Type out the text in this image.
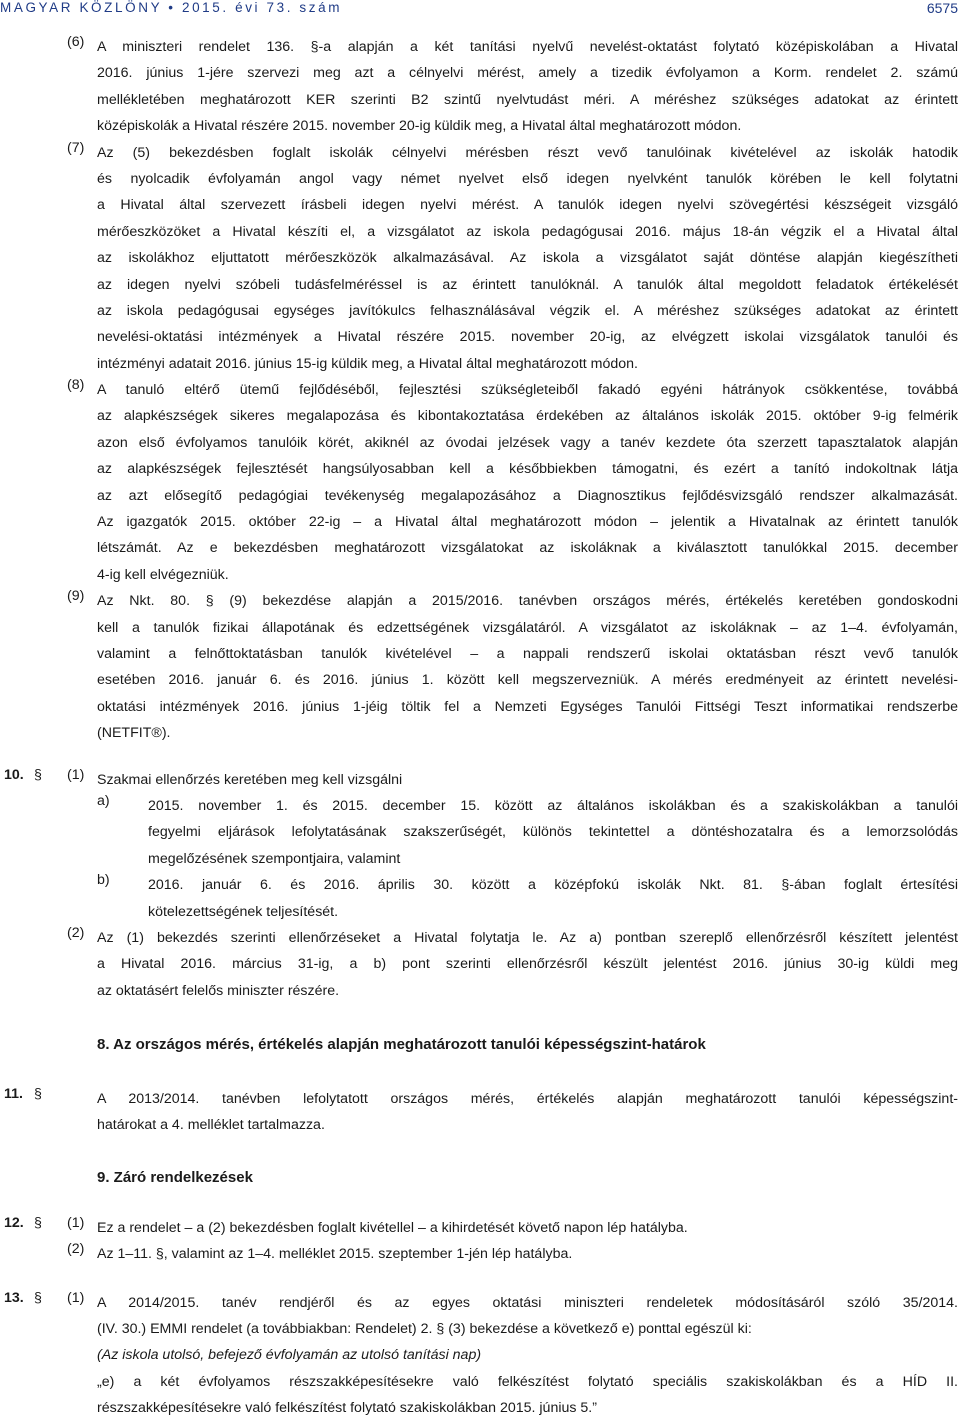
MAGYAR KÖZLÖNY • 2015. évi 73. szám	6575
(6) A miniszteri rendelet 136. §-a alapján a két tanítási nyelvű nevelést-oktatást folytató középiskolában a Hivatal
2016. június 1-jére szervezi meg azt a célnyelvi mérést, amely a tizedik évfolyamon a Korm. rendelet 2. számú
mellékletében meghatározott KER szerinti B2 szintű nyelvtudást méri. A méréshez szükséges adatokat az érintett
középiskolák a Hivatal részére 2015. november 20-ig küldik meg, a Hivatal által meghatározott módon.
(7) Az (5) bekezdésben foglalt iskolák célnyelvi mérésben részt vevő tanulóinak kivételével az iskolák hatodik
és nyolcadik évfolyamán angol vagy német nyelvet első idegen nyelvként tanulók körében le kell folytatni
a Hivatal által szervezett írásbeli idegen nyelvi mérést. A tanulók idegen nyelvi szövegértési készségeit vizsgáló
mérőeszközöket a Hivatal készíti el, a vizsgálatot az iskola pedagógusai 2016. május 18-án végzik el a Hivatal által
az iskolákhoz eljuttatott mérőeszközök alkalmazásával. Az iskola a vizsgálatot saját döntése alapján kiegészítheti
az idegen nyelvi szóbeli tudásfelméréssel is az érintett tanulóknál. A tanulók által megoldott feladatok értékelését
az iskola pedagógusai egységes javítókulcs felhasználásával végzik el. A méréshez szükséges adatokat az érintett
nevelési-oktatási intézmények a Hivatal részére 2015. november 20-ig, az elvégzett iskolai vizsgálatok tanulói és
intézményi adatait 2016. június 15-ig küldik meg, a Hivatal által meghatározott módon.
(8) A tanuló eltérő ütemű fejlődéséből, fejlesztési szükségleteiből fakadó egyéni hátrányok csökkentése, továbbá
az alapkészségek sikeres megalapozása és kibontakoztatása érdekében az általános iskolák 2015. október 9-ig felmérik
azon első évfolyamos tanulóik körét, akiknél az óvodai jelzések vagy a tanév kezdete óta szerzett tapasztalatok alapján
az alapkészségek fejlesztését hangsúlyosabban kell a későbbiekben támogatni, és ezért a tanító indokoltnak látja
az azt elősegítő pedagógiai tevékenység megalapozásához a Diagnosztikus fejlődésvizsgáló rendszer alkalmazását.
Az igazgatók 2015. október 22-ig – a Hivatal által meghatározott módon – jelentik a Hivatalnak az érintett tanulók
létszámát. Az e bekezdésben meghatározott vizsgálatokat az iskoláknak a kiválasztott tanulókkal 2015. december
4-ig kell elvégezniük.
(9) Az Nkt. 80. § (9) bekezdése alapján a 2015/2016. tanévben országos mérés, értékelés keretében gondoskodni
kell a tanulók fizikai állapotának és edzettségének vizsgálatáról. A vizsgálatot az iskoláknak – az 1–4. évfolyamán,
valamint a felnőttoktatásban tanulók kivételével – a nappali rendszerű iskolai oktatásban részt vevő tanulók
esetében 2016. január 6. és 2016. június 1. között kell megszervezniük. A mérés eredményeit az érintett nevelési-
oktatási intézmények 2016. június 1-jéig töltik fel a Nemzeti Egységes Tanulói Fittségi Teszt informatikai rendszerbe
(NETFIT®).
10. § (1) Szakmai ellenőrzés keretében meg kell vizsgálni
a)	2015. november 1. és 2015. december 15. között az általános iskolákban és a szakiskolákban a tanulói
fegyelmi eljárások lefolytatásának szakszerűségét, különös tekintettel a döntéshozatalra és a lemorzsolódás
megelőzésének szempontjaira, valamint
b)	2016. január 6. és 2016. április 30. között a középfokú iskolák Nkt. 81. §-ában foglalt értesítési
kötelezettségének teljesítését.
(2) Az (1) bekezdés szerinti ellenőrzéseket a Hivatal folytatja le. Az a) pontban szereplő ellenőrzésről készített jelentést
a Hivatal 2016. március 31-ig, a b) pont szerinti ellenőrzésről készült jelentést 2016. június 30-ig küldi meg
az oktatásért felelős miniszter részére.
8. Az országos mérés, értékelés alapján meghatározott tanulói képességszint-határok
11. §	A 2013/2014. tanévben lefolytatott országos mérés, értékelés alapján meghatározott tanulói képességszint-
határokat a 4. melléklet tartalmazza.
9. Záró rendelkezések
12. § (1) Ez a rendelet – a (2) bekezdésben foglalt kivétellel – a kihirdetését követő napon lép hatályba.
(2) Az 1–11. §, valamint az 1–4. melléklet 2015. szeptember 1-jén lép hatályba.
13. § (1) A 2014/2015. tanév rendjéről és az egyes oktatási miniszteri rendeletek módosításáról szóló 35/2014.
(IV. 30.) EMMI rendelet (a továbbiakban: Rendelet) 2. § (3) bekezdése a következő e) ponttal egészül ki:
(Az iskola utolsó, befejező évfolyamán az utolsó tanítási nap)
„e) a két évfolyamos részszakképesítésekre való felkészítést folytató speciális szakiskolákban és a HÍD II.
részszakképesítésekre való felkészítést folytató szakiskolákban 2015. június 5.”
